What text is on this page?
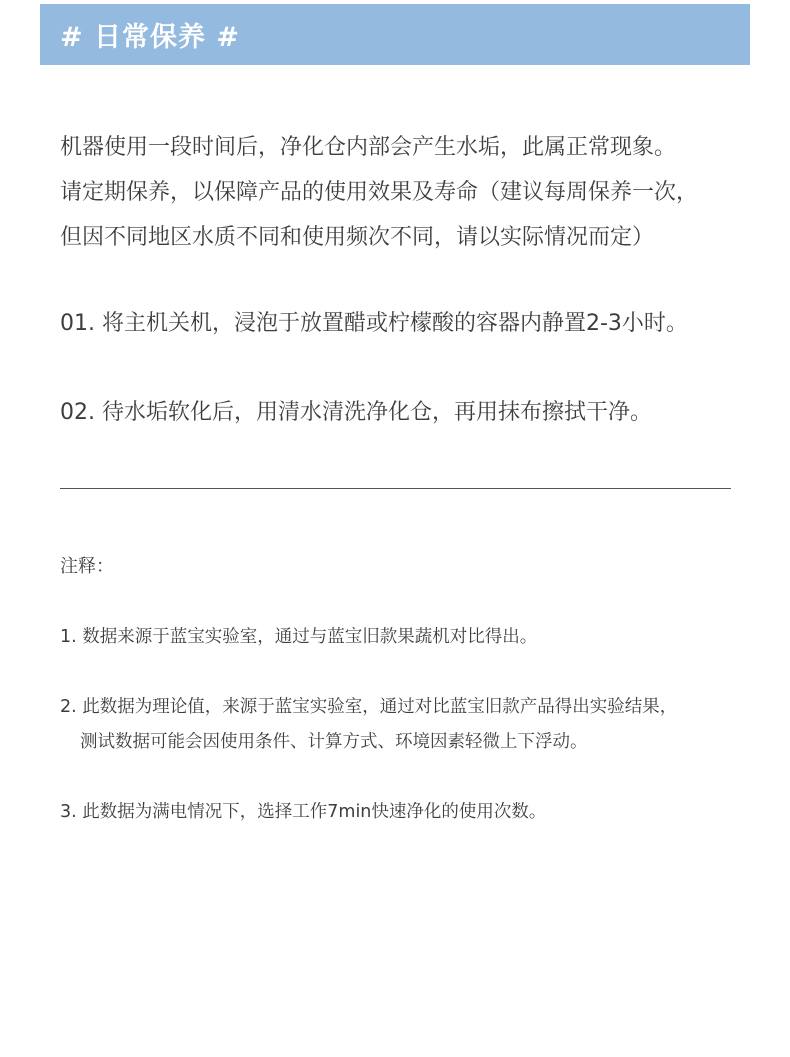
# 日常保养 #
机器使用一段时间后，净化仓内部会产生水垢，此属正常现象。
请定期保养，以保障产品的使用效果及寿命（建议每周保养一次，
但因不同地区水质不同和使用频次不同，请以实际情况而定）
01. 将主机关机，浸泡于放置醋或柠檬酸的容器内静置2-3小时。
02. 待水垢软化后，用清水清洗净化仓，再用抹布擦拭干净。
注释：
1. 数据来源于蓝宝实验室，通过与蓝宝旧款果蔬机对比得出。
2. 此数据为理论值，来源于蓝宝实验室，通过对比蓝宝旧款产品得出实验结果，
测试数据可能会因使用条件、计算方式、环境因素轻微上下浮动。
3. 此数据为满电情况下，选择工作7min快速净化的使用次数。
